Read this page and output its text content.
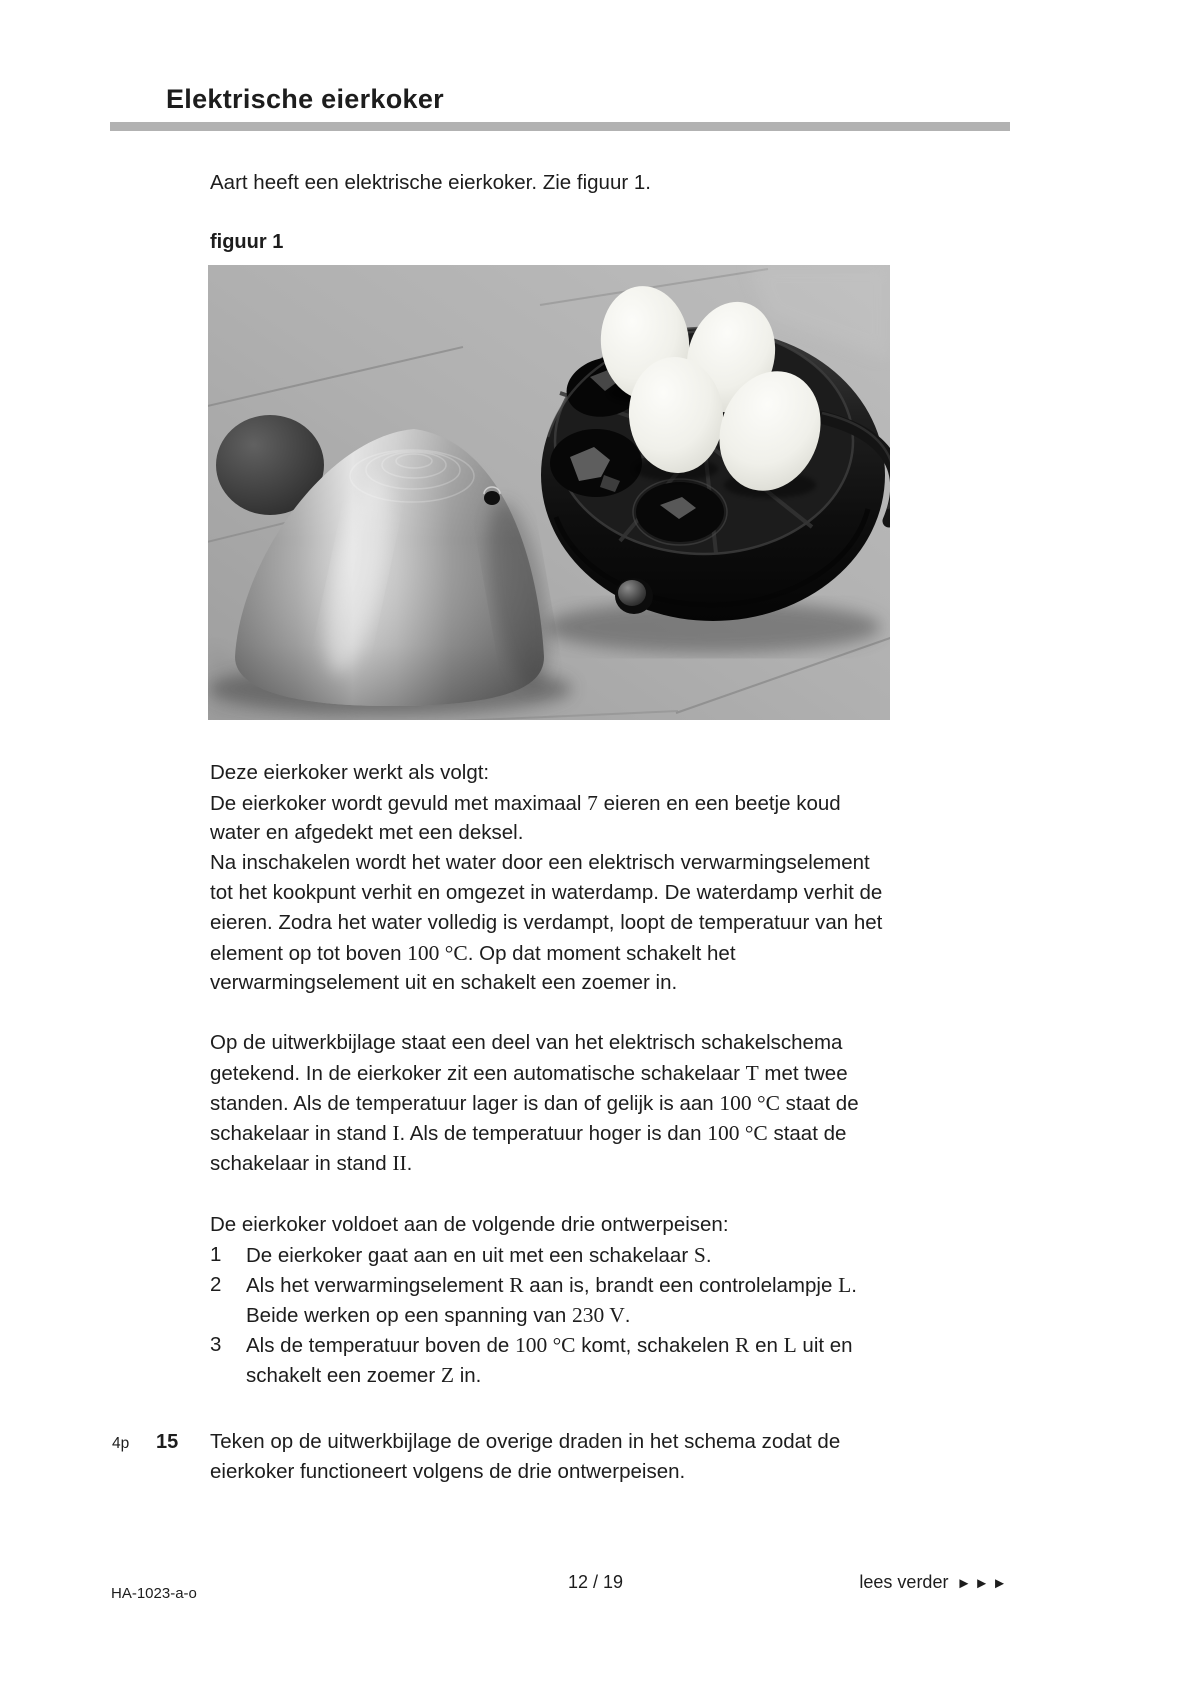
Elektrische eierkoker
Aart heeft een elektrische eierkoker. Zie figuur 1.
figuur 1
Deze eierkoker werkt als volgt:
De eierkoker wordt gevuld met maximaal 7 eieren en een beetje koud
water en afgedekt met een deksel.
Na inschakelen wordt het water door een elektrisch verwarmingselement
tot het kookpunt verhit en omgezet in waterdamp. De waterdamp verhit de
eieren. Zodra het water volledig is verdampt, loopt de temperatuur van het
element op tot boven 100 °C. Op dat moment schakelt het
verwarmingselement uit en schakelt een zoemer in.
Op de uitwerkbijlage staat een deel van het elektrisch schakelschema
getekend. In de eierkoker zit een automatische schakelaar T met twee
standen. Als de temperatuur lager is dan of gelijk is aan 100 °C staat de
schakelaar in stand I. Als de temperatuur hoger is dan 100 °C staat de
schakelaar in stand II.
De eierkoker voldoet aan de volgende drie ontwerpeisen:
1 De eierkoker gaat aan en uit met een schakelaar S.
2 Als het verwarmingselement R aan is, brandt een controlelampje L.
Beide werken op een spanning van 230 V.
3 Als de temperatuur boven de 100 °C komt, schakelen R en L uit en
schakelt een zoemer Z in.
4p 15 Teken op de uitwerkbijlage de overige draden in het schema zodat de
eierkoker functioneert volgens de drie ontwerpeisen.
HA-1023-a-o
12 / 19	lees verder ►►►
